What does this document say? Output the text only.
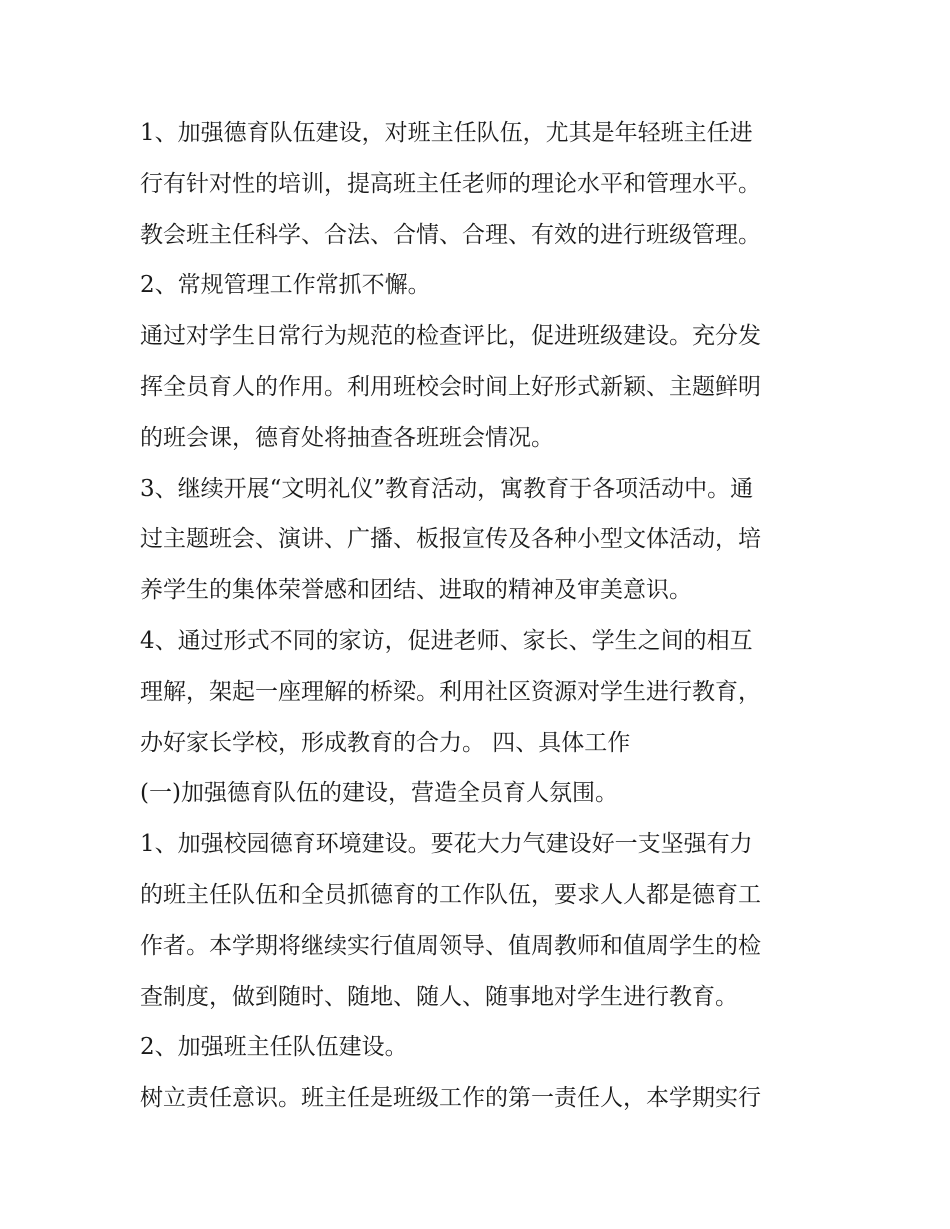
1、加强德育队伍建设，对班主任队伍，尤其是年轻班主任进
行有针对性的培训，提高班主任老师的理论水平和管理水平。
教会班主任科学、合法、合情、合理、有效的进行班级管理。
2、常规管理工作常抓不懈。
通过对学生日常行为规范的检查评比，促进班级建设。充分发
挥全员育人的作用。利用班校会时间上好形式新颖、主题鲜明
的班会课，德育处将抽查各班班会情况。
3、继续开展“文明礼仪”教育活动，寓教育于各项活动中。通
过主题班会、演讲、广播、板报宣传及各种小型文体活动，培
养学生的集体荣誉感和团结、进取的精神及审美意识。
4、通过形式不同的家访，促进老师、家长、学生之间的相互
理解，架起一座理解的桥梁。利用社区资源对学生进行教育，
办好家长学校，形成教育的合力。 四、具体工作
(一)加强德育队伍的建设，营造全员育人氛围。
1、加强校园德育环境建设。要花大力气建设好一支坚强有力
的班主任队伍和全员抓德育的工作队伍，要求人人都是德育工
作者。本学期将继续实行值周领导、值周教师和值周学生的检
查制度，做到随时、随地、随人、随事地对学生进行教育。
2、加强班主任队伍建设。
树立责任意识。班主任是班级工作的第一责任人，本学期实行
